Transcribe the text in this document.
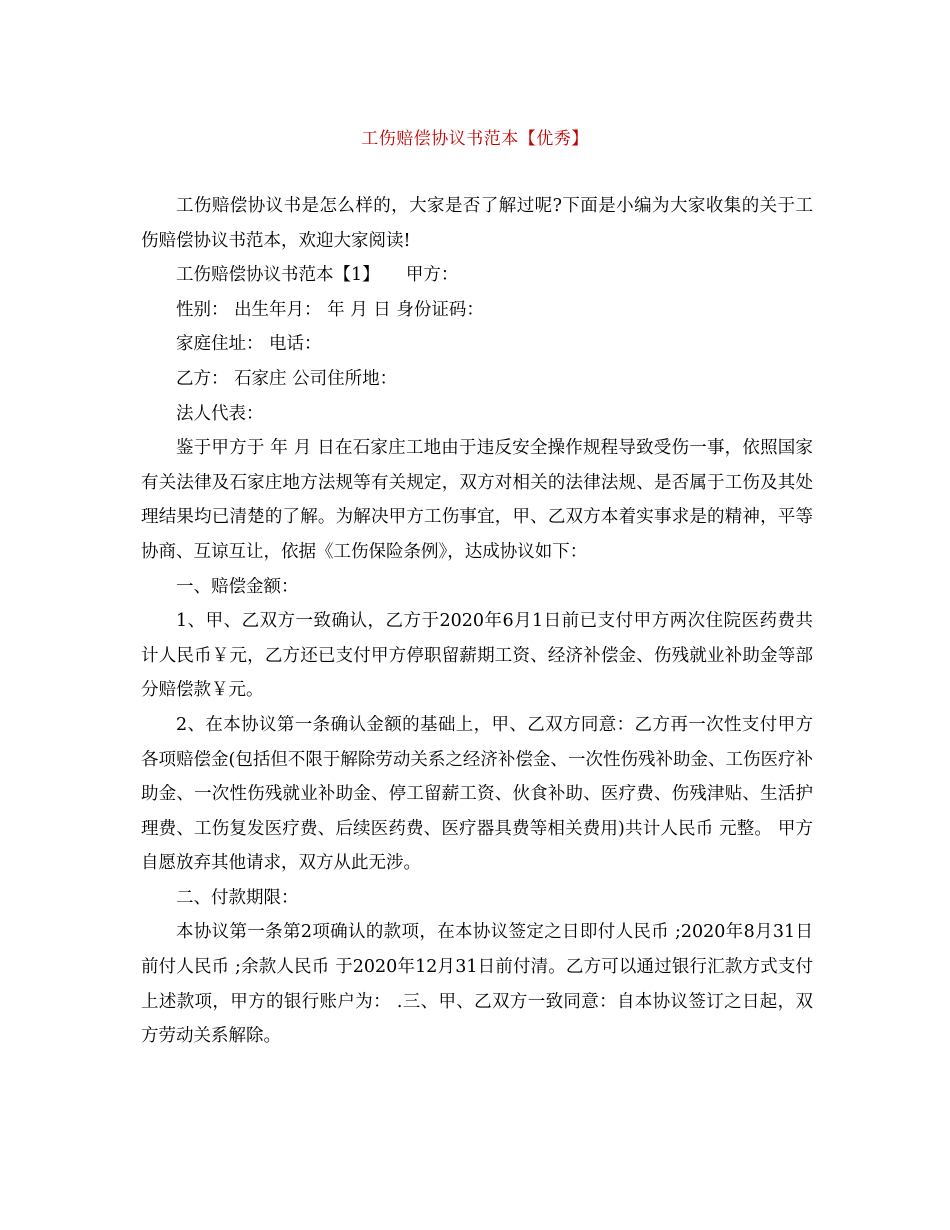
工伤赔偿协议书范本【优秀】

工伤赔偿协议书是怎么样的，大家是否了解过呢?下面是小编为大家收集的关于工伤赔偿协议书范本，欢迎大家阅读!

工伤赔偿协议书范本【1】　　甲方：

性别： 出生年月： 年 月 日 身份证码：

家庭住址： 电话：

乙方： 石家庄 公司住所地：

法人代表：

鉴于甲方于 年 月 日在石家庄工地由于违反安全操作规程导致受伤一事，依照国家有关法律及石家庄地方法规等有关规定，双方对相关的法律法规、是否属于工伤及其处理结果均已清楚的了解。为解决甲方工伤事宜，甲、乙双方本着实事求是的精神，平等协商、互谅互让，依据《工伤保险条例》，达成协议如下：

一、赔偿金额：

1、甲、乙双方一致确认，乙方于2020年6月1日前已支付甲方两次住院医药费共计人民币￥元，乙方还已支付甲方停职留薪期工资、经济补偿金、伤残就业补助金等部分赔偿款￥元。

2、在本协议第一条确认金额的基础上，甲、乙双方同意：乙方再一次性支付甲方各项赔偿金(包括但不限于解除劳动关系之经济补偿金、一次性伤残补助金、工伤医疗补助金、一次性伤残就业补助金、停工留薪工资、伙食补助、医疗费、伤残津贴、生活护理费、工伤复发医疗费、后续医药费、医疗器具费等相关费用)共计人民币 元整。 甲方自愿放弃其他请求，双方从此无涉。

二、付款期限：

本协议第一条第2项确认的款项，在本协议签定之日即付人民币 ;2020年8月31日前付人民币 ;余款人民币 于2020年12月31日前付清。乙方可以通过银行汇款方式支付上述款项，甲方的银行账户为： .三、甲、乙双方一致同意：自本协议签订之日起，双方劳动关系解除。
